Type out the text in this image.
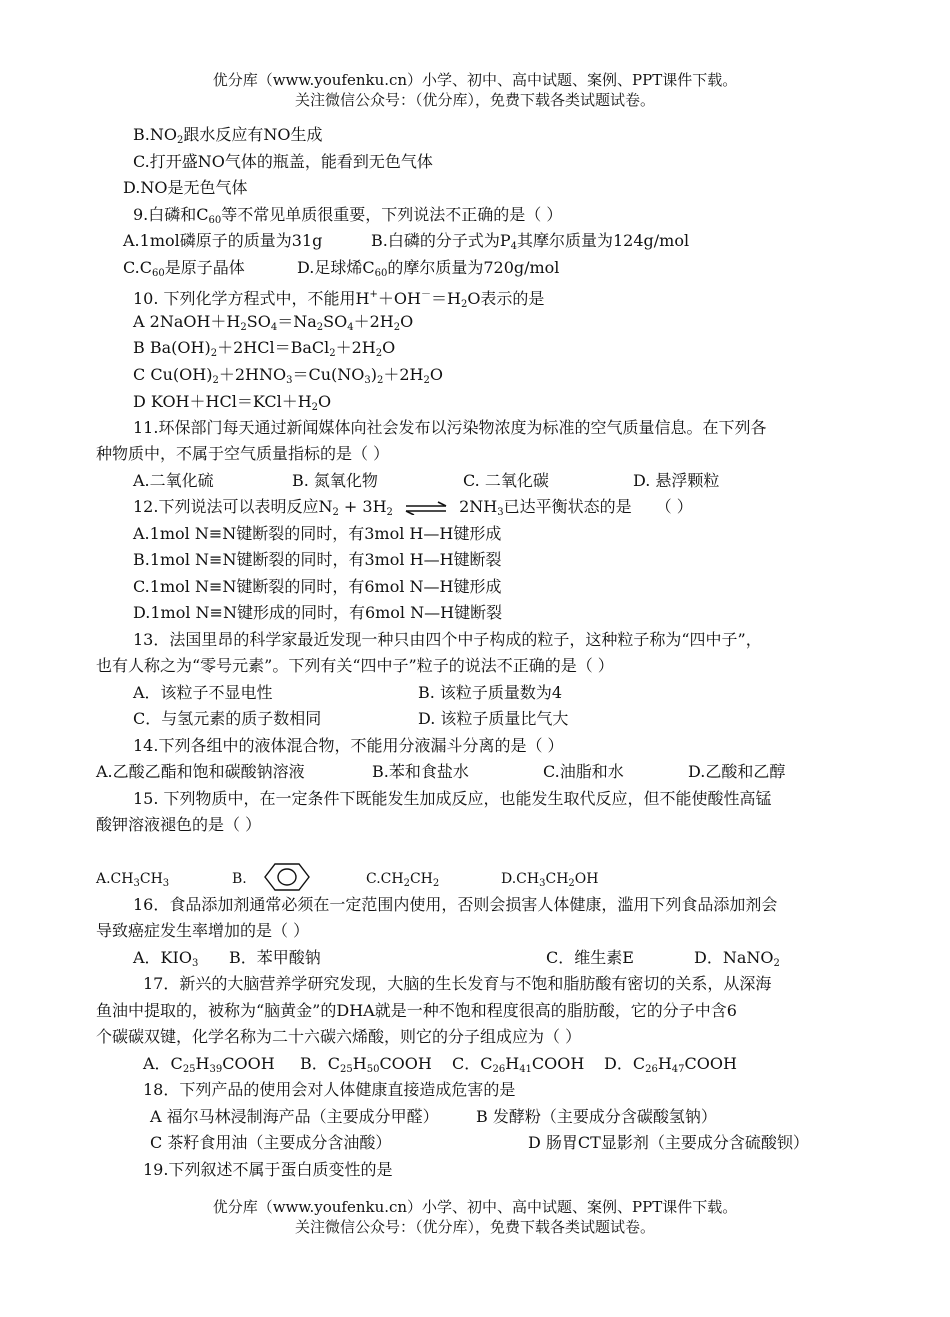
优分库（www.youfenku.cn）小学、初中、高中试题、案例、PPT课件下载。
关注微信公众号：（优分库），免费下载各类试题试卷。
$B.NO_2$跟水反应有NO生成
C.打开盛NO气体的瓶盖，能看到无色气体
D.NO是无色气体
9.白磷和$C_{60}$等不常见单质很重要，下列说法不正确的是（ ）
A.1mol磷原子的质量为31g	B.白磷的分子式为$P_4$其摩尔质量为124g/mol
$C.C_{60}$是原子晶体	D.足球烯$C_{60}$的摩尔质量为720g/mol
10. 下列化学方程式中，不能用$H^++OH^-=H_2O$表示的是
A $2NaOH+H_2SO_4=Na_2SO_4+2H_2O$
B $Ba(OH)_2+2HCl=BaCl_2+2H_2O$
C $Cu(OH)_2+2HNO_3=Cu(NO_3)_2+2H_2O$
D $KOH+HCl=KCl+H_2O$
11.环保部门每天通过新闻媒体向社会发布以污染物浓度为标准的空气质量信息。在下列各
种物质中，不属于空气质量指标的是（ ）
A.二氧化硫	B. 氮氧化物	C. 二氧化碳	D. 悬浮颗粒
12.下列说法可以表明反应$N_2 + 3H_2$ ⇌ $2NH_3$已达平衡状态的是 （ ）
A.1mol N≡N键断裂的同时，有3mol H—H键形成
B.1mol N≡N键断裂的同时，有3mol H—H键断裂
C.1mol N≡N键断裂的同时，有6mol N—H键形成
D.1mol N≡N键形成的同时，有6mol N—H键断裂
13．法国里昂的科学家最近发现一种只由四个中子构成的粒子，这种粒子称为“四中子”，
也有人称之为“零号元素”。下列有关“四中子”粒子的说法不正确的是（ ）
A．该粒子不显电性	B. 该粒子质量数为4
C．与氢元素的质子数相同	D. 该粒子质量比气大
14.下列各组中的液体混合物，不能用分液漏斗分离的是（ ）
A.乙酸乙酯和饱和碳酸钠溶液	B.苯和食盐水	C.油脂和水	D.乙酸和乙醇
15. 下列物质中，在一定条件下既能发生加成反应，也能发生取代反应，但不能使酸性高锰
酸钾溶液褪色的是（ ）
$A.CH_3CH_3$	B.	$C.CH_2CH_2$	$D.CH_3CH_2OH$
16．食品添加剂通常必须在一定范围内使用，否则会损害人体健康，滥用下列食品添加剂会
导致癌症发生率增加的是（ ）
A．$KIO_3$ B．苯甲酸钠	C．维生素E	D．NaNO$_2$
17．新兴的大脑营养学研究发现，大脑的生长发育与不饱和脂肪酸有密切的关系，从深海
鱼油中提取的，被称为“脑黄金”的DHA就是一种不饱和程度很高的脂肪酸，它的分子中含6
个碳碳双键，化学名称为二十六碳六烯酸，则它的分子组成应为（ ）
A．$C_{25}H_{39}COOH$ B．$C_{25}H_{50}COOH$ C．$C_{26}H_{41}COOH$ D．$C_{26}H_{47}COOH$
18．下列产品的使用会对人体健康直接造成危害的是
A 福尔马林浸制海产品（主要成分甲醛） B 发酵粉（主要成分含碳酸氢钠）
C 茶籽食用油（主要成分含油酸）	D 肠胃CT显影剂（主要成分含硫酸钡）
19.下列叙述不属于蛋白质变性的是
优分库（www.youfenku.cn）小学、初中、高中试题、案例、PPT课件下载。
关注微信公众号：（优分库），免费下载各类试题试卷。
